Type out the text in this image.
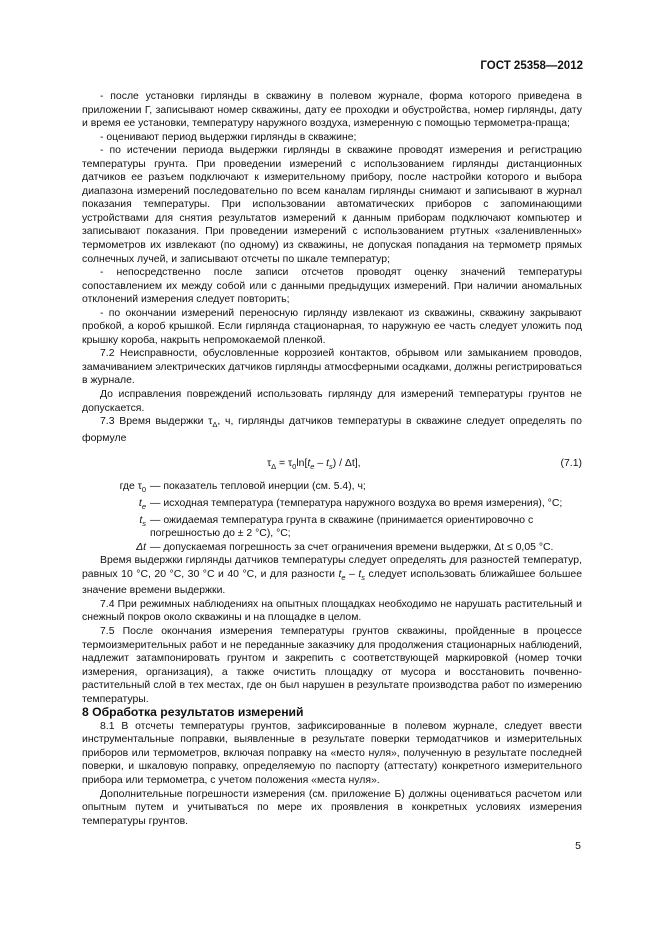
ГОСТ 25358—2012

- после установки гирлянды в скважину в полевом журнале, форма которого приведена в приложении Г, записывают номер скважины, дату ее проходки и обустройства, номер гирлянды, дату и время ее установки, температуру наружного воздуха, измеренную с помощью термометра-праща;

- оценивают период выдержки гирлянды в скважине;

- по истечении периода выдержки гирлянды в скважине проводят измерения и регистрацию температуры грунта. При проведении измерений с использованием гирлянды дистанционных датчиков ее разъем подключают к измерительному прибору, после настройки которого и выбора диапазона измерений последовательно по всем каналам гирлянды снимают и записывают в журнал показания температуры. При использовании автоматических приборов с запоминающими устройствами для снятия результатов измерений к данным приборам подключают компьютер и записывают показания. При проведении измерений с использованием ртутных «заленивленных» термометров их извлекают (по одному) из скважины, не допуская попадания на термометр прямых солнечных лучей, и записывают отсчеты по шкале температур;

- непосредственно после записи отсчетов проводят оценку значений температуры сопоставлением их между собой или с данными предыдущих измерений. При наличии аномальных отклонений измерения следует повторить;

- по окончании измерений переносную гирлянду извлекают из скважины, скважину закрывают пробкой, а короб крышкой. Если гирлянда стационарная, то наружную ее часть следует уложить под крышку короба, накрыть непромокаемой пленкой.

7.2 Неисправности, обусловленные коррозией контактов, обрывом или замыканием проводов, замачиванием электрических датчиков гирлянды атмосферными осадками, должны регистрироваться в журнале.

До исправления повреждений использовать гирлянду для измерений температуры грунтов не допускается.

7.3 Время выдержки $\tau_\Delta$, ч, гирлянды датчиков температуры в скважине следует определять по формуле

$\tau_\Delta = \tau_0\ln[t_e - t_s) / \Delta t$],	(7.1)
где $\tau_0$ — показатель тепловой инерции (см. 5.4), ч;
$t_e$ — исходная температура (температура наружного воздуха во время измерения), °С;
$t_s$ — ожидаемая температура грунта в скважине (принимается ориентировочно с погрешностью до ± 2 °С), °С;
Δt — допускаемая погрешность за счет ограничения времени выдержки, Δt ≤ 0,05 °С.

Время выдержки гирлянды датчиков температуры следует определять для разностей температур, равных 10 °С, 20 °С, 30 °С и 40 °С, и для разности $t_e - t_s$ следует использовать ближайшее большее значение времени выдержки.

7.4 При режимных наблюдениях на опытных площадках необходимо не нарушать растительный и снежный покров около скважины и на площадке в целом.

7.5 После окончания измерения температуры грунтов скважины, пройденные в процессе термоизмерительных работ и не переданные заказчику для продолжения стационарных наблюдений, надлежит затампонировать грунтом и закрепить с соответствующей маркировкой (номер точки измерения, организация), а также очистить площадку от мусора и восстановить почвенно-растительный слой в тех местах, где он был нарушен в результате производства работ по измерению температуры.

8 Обработка результатов измерений

8.1 В отсчеты температуры грунтов, зафиксированные в полевом журнале, следует ввести инструментальные поправки, выявленные в результате поверки термодатчиков и измерительных приборов или термометров, включая поправку на «место нуля», полученную в результате последней поверки, и шкаловую поправку, определяемую по паспорту (аттестату) конкретного измерительного прибора или термометра, с учетом положения «места нуля».

Дополнительные погрешности измерения (см. приложение Б) должны оцениваться расчетом или опытным путем и учитываться по мере их проявления в конкретных условиях измерения температуры грунтов.

5
